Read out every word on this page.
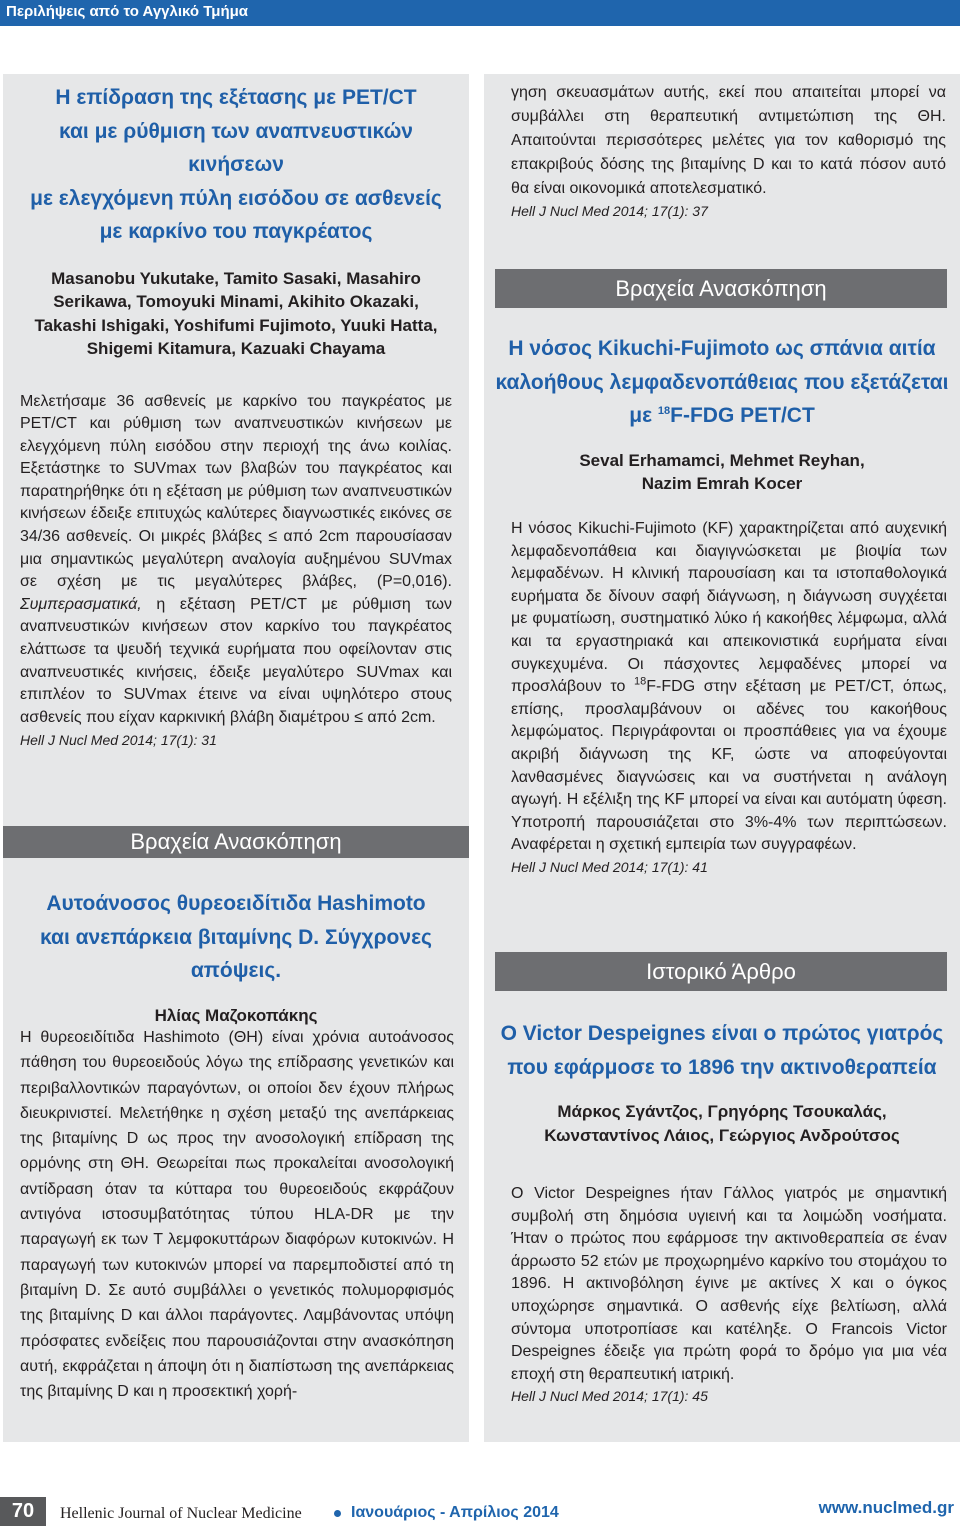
Περιλήψεις από το Αγγλικό Τμήμα

Η επίδραση της εξέτασης με PET/CT

και με ρύθμιση των αναπνευστικών κινήσεων

με ελεγχόμενη πύλη εισόδου σε ασθενείς

με καρκίνο του παγκρέατος

Masanobu Yukutake, Tamito Sasaki, Masahiro

Serikawa, Tomoyuki Minami, Akihito Okazaki,

Takashi Ishigaki, Yoshifumi Fujimoto, Yuuki Hatta,

Shigemi Kitamura, Kazuaki Chayama

Μελετήσαμε 36 ασθενείς με καρκίνο του παγκρέατος με PET/CT και ρύθμιση των αναπνευστικών κινήσεων με ελεγχόμενη πύλη εισόδου στην περιοχή της άνω κοιλίας. Εξετάστηκε το SUVmax των βλαβών του παγκρέατος και παρατηρήθηκε ότι η εξέταση με ρύθμιση των αναπνευστικών κινήσεων έδειξε επιτυχώς καλύτερες διαγνωστικές εικόνες σε 34/36 ασθενείς. Οι μικρές βλάβες ≤ από 2cm παρουσίασαν μια σημαντικώς μεγαλύτερη αναλογία αυξημένου SUVmax σε σχέση με τις μεγαλύτερες βλάβες, (P=0,016). Συμπερασματικά, η εξέταση PET/CT με ρύθμιση των αναπνευστικών κινήσεων στον καρκίνο του παγκρέατος ελάττωσε τα ψευδή τεχνικά ευρήματα που οφείλονταν στις αναπνευστικές κινήσεις, έδειξε μεγαλύτερο SUVmax και επιπλέον το SUVmax έτεινε να είναι υψηλότερο στους ασθενείς που είχαν καρκινική βλάβη διαμέτρου ≤ από 2cm.

Hell J Nucl Med 2014; 17(1): 31

Βραχεία Ανασκόπηση

Αυτοάνοσος θυρεοειδίτιδα Hashimoto

και ανεπάρκεια βιταμίνης D. Σύγχρονες απόψεις.

Ηλίας Μαζοκοπάκης

Η θυρεοειδίτιδα Hashimoto (ΘΗ) είναι χρόνια αυτοάνοσος πάθηση του θυρεοειδούς λόγω της επίδρασης γενετικών και περιβαλλοντικών παραγόντων, οι οποίοι δεν έχουν πλήρως διευκρινιστεί. Μελετήθηκε η σχέση μεταξύ της ανεπάρκειας της βιταμίνης D ως προς την ανοσολογική επίδραση της ορμόνης στη ΘΗ. Θεωρείται πως προκαλείται ανοσολογική αντίδραση όταν τα κύτταρα του θυρεοειδούς εκφράζουν αντιγόνα ιστοσυμβατότητας τύπου HLA-DR με την παραγωγή εκ των Τ λεμφοκυττάρων διαφόρων κυτοκινών. Η παραγωγή των κυτοκινών μπορεί να παρεμποδιστεί από τη βιταμίνη D. Σε αυτό συμβάλλει ο γενετικός πολυμορφισμός της βιταμίνης D και άλλοι παράγοντες. Λαμβάνοντας υπόψη πρόσφατες ενδείξεις που παρουσιάζονται στην ανασκόπηση αυτή, εκφράζεται η άποψη ότι η διαπίστωση της ανεπάρκειας της βιταμίνης D και η προσεκτική χορή-

γηση σκευασμάτων αυτής, εκεί που απαιτείται μπορεί να συμβάλλει στη θεραπευτική αντιμετώπιση της ΘΗ. Απαιτούνται περισσότερες μελέτες για τον καθορισμό της επακριβούς δόσης της βιταμίνης D και το κατά πόσον αυτό θα είναι οικονομικά αποτελεσματικό.

Hell J Nucl Med 2014; 17(1): 37

Βραχεία Ανασκόπηση

Η νόσος Kikuchi-Fujimoto ως σπάνια αιτία

καλοήθους λεμφαδενοπάθειας που εξετάζεται

με $^{18}$F-FDG PET/CT

Seval Erhamamci, Mehmet Reyhan,

Nazim Emrah Kocer

Η νόσος Kikuchi-Fujimoto (KF) χαρακτηρίζεται από αυχενική λεμφαδενοπάθεια και διαγιγνώσκεται με βιοψία των λεμφαδένων. Η κλινική παρουσίαση και τα ιστοπαθολογικά ευρήματα δε δίνουν σαφή διάγνωση, η διάγνωση συγχέεται με φυματίωση, συστηματικό λύκο ή κακοήθες λέμφωμα, αλλά και τα εργαστηριακά και απεικονιστικά ευρήματα είναι συγκεχυμένα. Οι πάσχοντες λεμφαδένες μπορεί να προσλάβουν το $^{18}$F-FDG στην εξέταση με PET/CT, όπως, επίσης, προσλαμβάνουν οι αδένες του κακοήθους λεμφώματος. Περιγράφονται οι προσπάθειες για να έχουμε ακριβή διάγνωση της KF, ώστε να αποφεύγονται λανθασμένες διαγνώσεις και να συστήνεται η ανάλογη αγωγή. Η εξέλιξη της KF μπορεί να είναι και αυτόματη ύφεση. Υποτροπή παρουσιάζεται στο 3%-4% των περιπτώσεων. Αναφέρεται η σχετική εμπειρία των συγγραφέων.

Hell J Nucl Med 2014; 17(1): 41

Ιστορικό Άρθρο

Ο Victor Despeignes είναι ο πρώτος γιατρός

που εφάρμοσε το 1896 την ακτινοθεραπεία

Μάρκος Σγάντζος, Γρηγόρης Τσουκαλάς,

Κωνσταντίνος Λάιος, Γεώργιος Ανδρούτσος

Ο Victor Despeignes ήταν Γάλλος γιατρός με σημαντική συμβολή στη δημόσια υγιεινή και τα λοιμώδη νοσήματα. Ήταν ο πρώτος που εφάρμοσε την ακτινοθεραπεία σε έναν άρρωστο 52 ετών με προχωρημένο καρκίνο του στομάχου το 1896. Η ακτινοβόληση έγινε με ακτίνες Χ και ο όγκος υποχώρησε σημαντικά. Ο ασθενής είχε βελτίωση, αλλά σύντομα υποτροπίασε και κατέληξε. Ο Francois Victor Despeignes έδειξε για πρώτη φορά το δρόμο για μια νέα εποχή στη θεραπευτική ιατρική.

Hell J Nucl Med 2014; 17(1): 45

70	Hellenic Journal of Nuclear Medicine	Ιανουάριος - Απρίλιος 2014	www.nuclmed.gr
